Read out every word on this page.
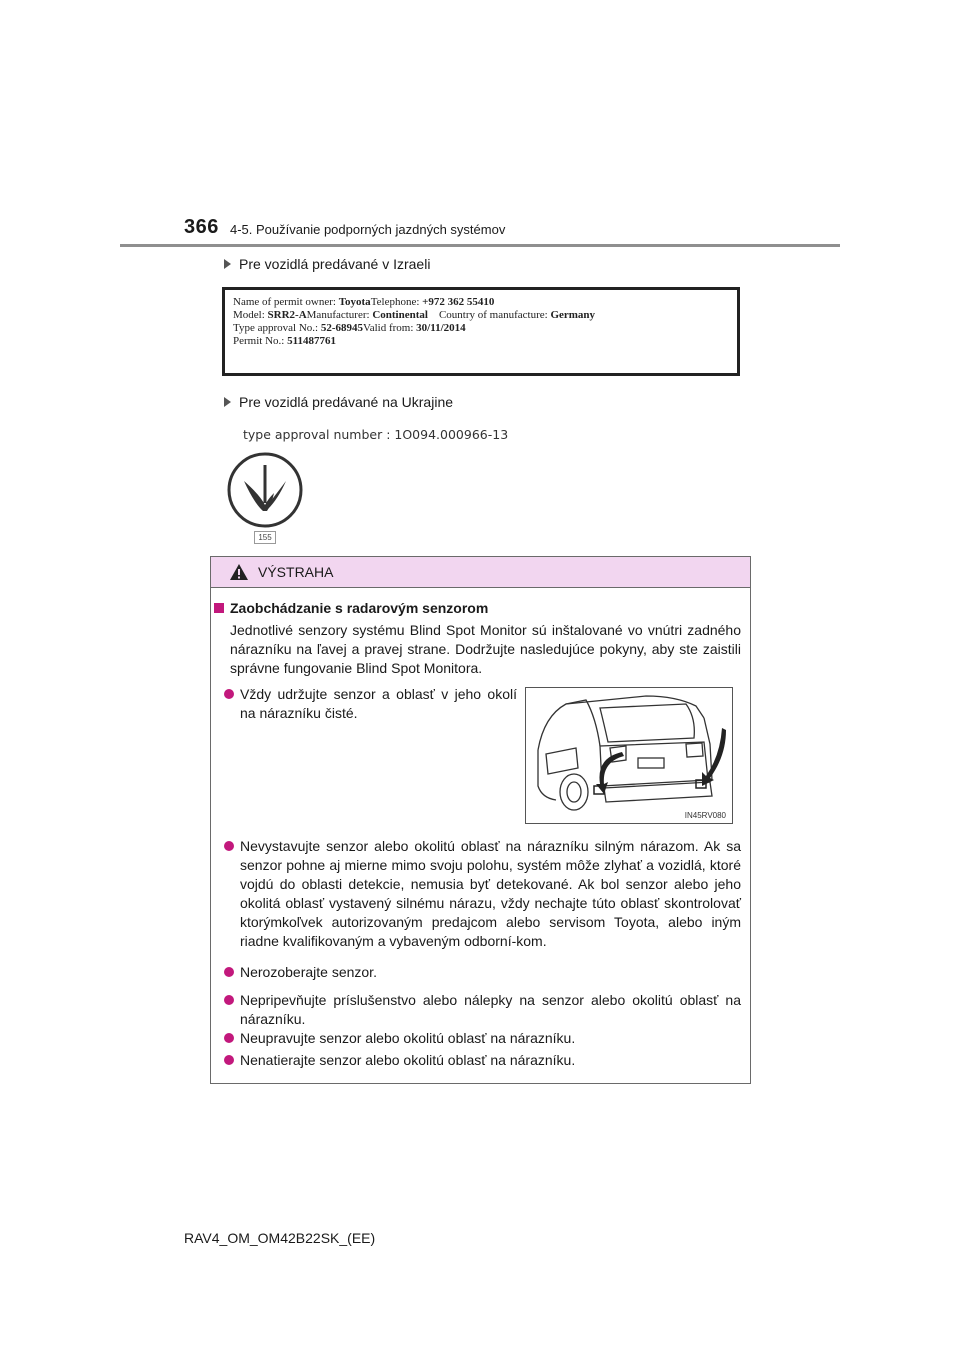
366 4-5. Používanie podporných jazdných systémov
Pre vozidlá predávané v Izraeli
Name of permit owner: ToyotaTelephone: +972 362 55410
Model: SRR2-AManufacturer: Continental Country of manufacture: Germany
Type approval No.: 52-68945Valid from: 30/11/2014
Permit No.: 511487761
Pre vozidlá predávané na Ukrajine
type approval number : 1O094.000966-13
155
VÝSTRAHA
Zaobchádzanie s radarovým senzorom
Jednotlivé senzory systému Blind Spot Monitor sú inštalované vo vnútri zadného nárazníku na ľavej a pravej strane. Dodržujte nasledujúce pokyny, aby ste zaistili správne fungovanie Blind Spot Monitora.
Vždy udržujte senzor a oblasť v jeho okolí na nárazníku čisté.
IN45RV080
Nevystavujte senzor alebo okolitú oblasť na nárazníku silným nárazom. Ak sa senzor pohne aj mierne mimo svoju polohu, systém môže zlyhať a vozidlá, ktoré vojdú do oblasti detekcie, nemusia byť detekované. Ak bol senzor alebo jeho okolitá oblasť vystavený silnému nárazu, vždy nechajte túto oblasť skontrolovať ktorýmkoľvek autorizovaným predajcom alebo servisom Toyota, alebo iným riadne kvalifikovaným a vybaveným odborní-kom.
Nerozoberajte senzor.
Nepripevňujte príslušenstvo alebo nálepky na senzor alebo okolitú oblasť na nárazníku.
Neupravujte senzor alebo okolitú oblasť na nárazníku.
Nenatierajte senzor alebo okolitú oblasť na nárazníku.
RAV4_OM_OM42B22SK_(EE)
